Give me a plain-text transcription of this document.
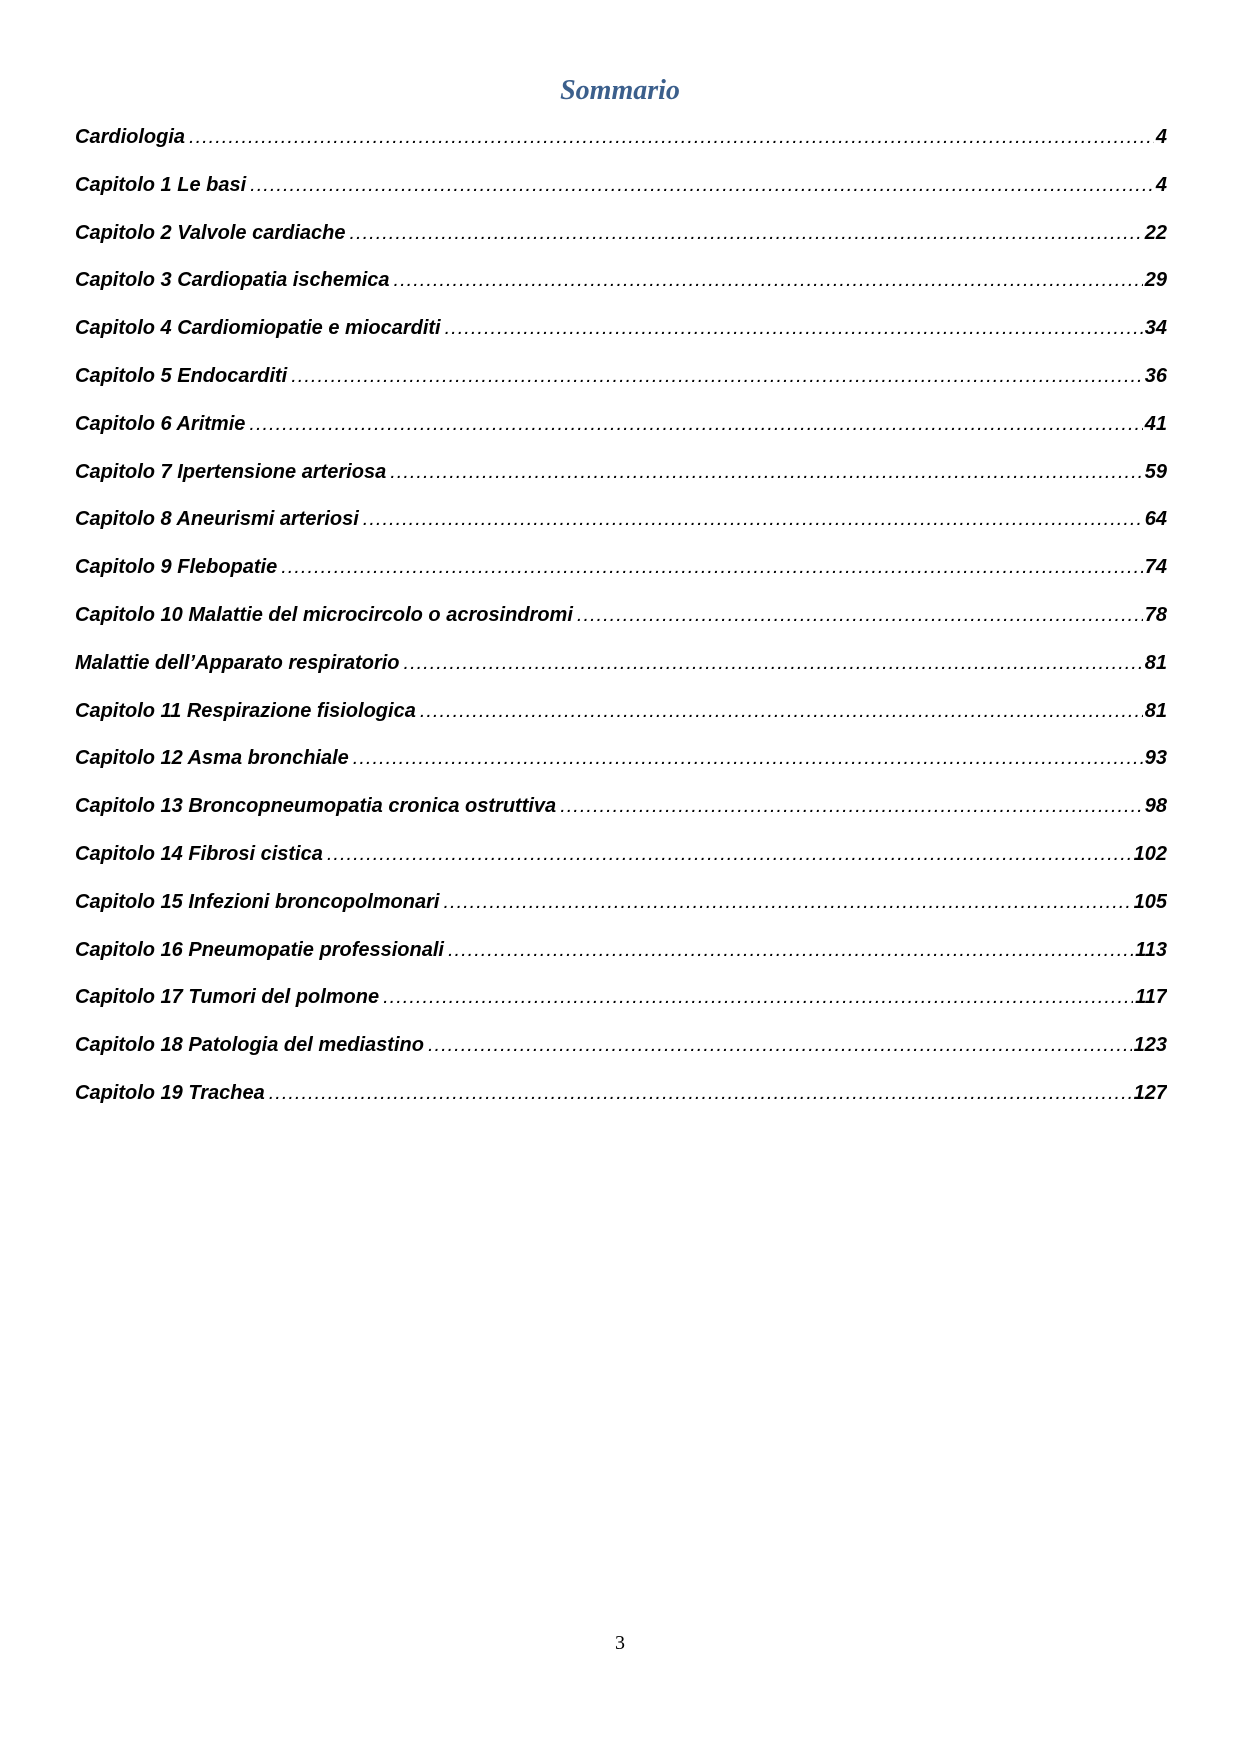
Sommario
Cardiologia .....	4
Capitolo 1 Le basi .....	4
Capitolo 2 Valvole cardiache .....	22
Capitolo 3 Cardiopatia ischemica .....	29
Capitolo 4 Cardiomiopatie e miocarditi .....	34
Capitolo 5 Endocarditi .....	36
Capitolo 6 Aritmie .....	41
Capitolo 7 Ipertensione arteriosa .....	59
Capitolo 8 Aneurismi arteriosi .....	64
Capitolo 9 Flebopatie .....	74
Capitolo 10 Malattie del microcircolo o acrosindromi .....	78
Malattie dell’Apparato respiratorio .....	81
Capitolo 11 Respirazione fisiologica .....	81
Capitolo 12 Asma bronchiale .....	93
Capitolo 13 Broncopneumopatia cronica ostruttiva .....	98
Capitolo 14 Fibrosi cistica .....	102
Capitolo 15 Infezioni broncopolmonari .....	105
Capitolo 16 Pneumopatie professionali .....	113
Capitolo 17 Tumori del polmone .....	117
Capitolo 18 Patologia del mediastino .....	123
Capitolo 19 Trachea .....	127
3
